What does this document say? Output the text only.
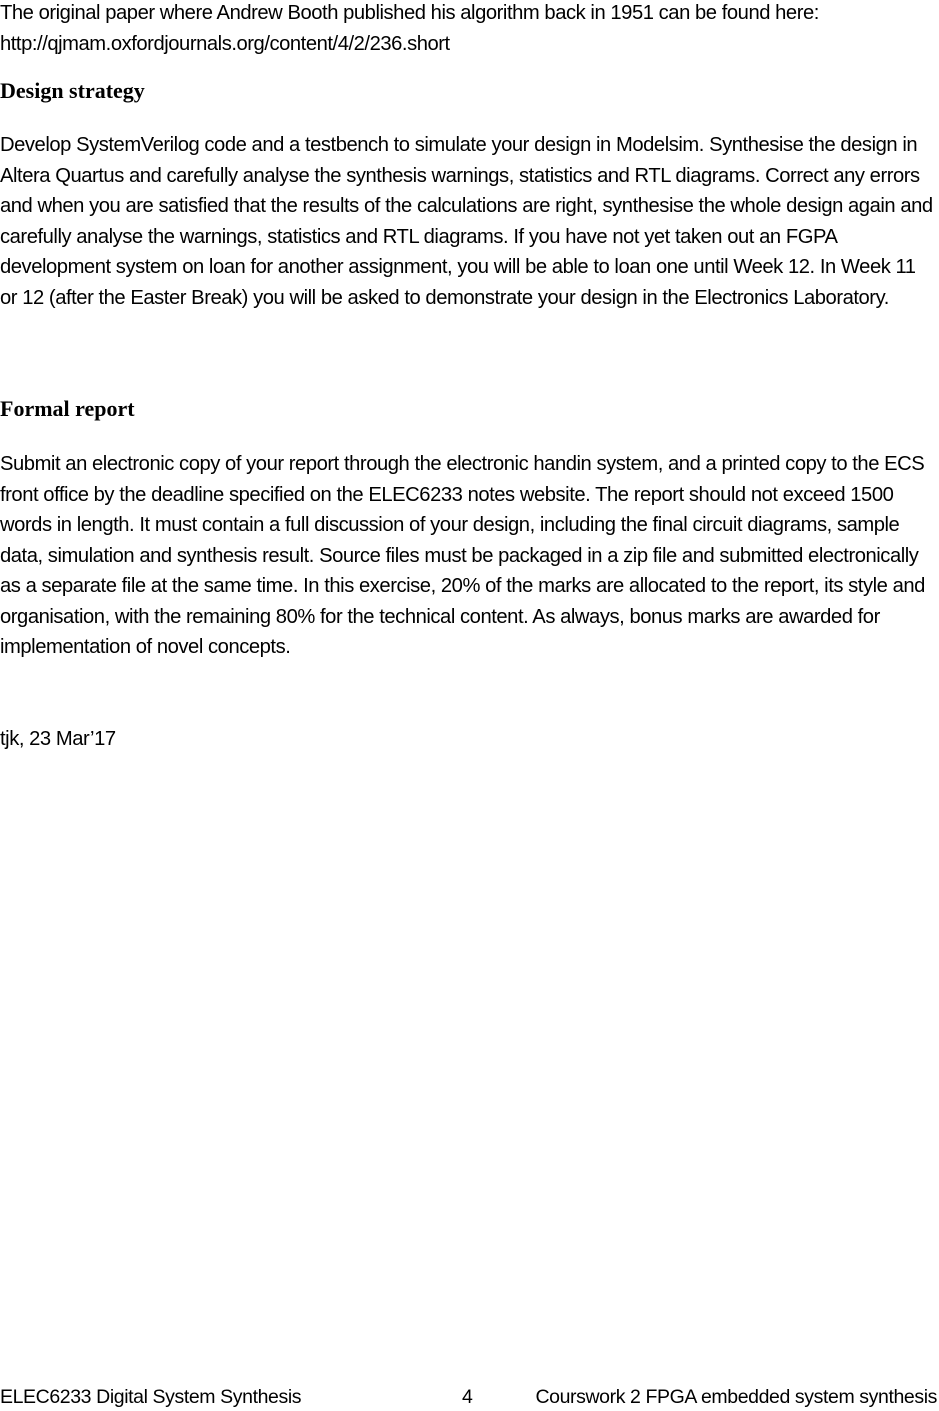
The original paper where Andrew Booth published his algorithm back in 1951 can be found here: http://qjmam.oxfordjournals.org/content/4/2/236.short

Design strategy

Develop SystemVerilog code and a testbench to simulate your design in Modelsim. Synthesise the design in Altera Quartus and carefully analyse the synthesis warnings, statistics and RTL diagrams. Correct any errors and when you are satisfied that the results of the calculations are right, synthesise the whole design again and carefully analyse the warnings, statistics and RTL diagrams. If you have not yet taken out an FGPA development system on loan for another assignment, you will be able to loan one until Week 12. In Week 11 or 12 (after the Easter Break) you will be asked to demonstrate your design in the Electronics Laboratory.

Formal report

Submit an electronic copy of your report through the electronic handin system, and a printed copy to the ECS front office by the deadline specified on the ELEC6233 notes website. The report should not exceed 1500 words in length. It must contain a full discussion of your design, including the final circuit diagrams, sample data, simulation and synthesis result. Source files must be packaged in a zip file and submitted electronically as a separate file at the same time. In this exercise, 20% of the marks are allocated to the report, its style and organisation, with the remaining 80% for the technical content. As always, bonus marks are awarded for implementation of novel concepts.

tjk, 23 Mar’17

ELEC6233 Digital System Synthesis	4	Courswork 2 FPGA embedded system synthesis
